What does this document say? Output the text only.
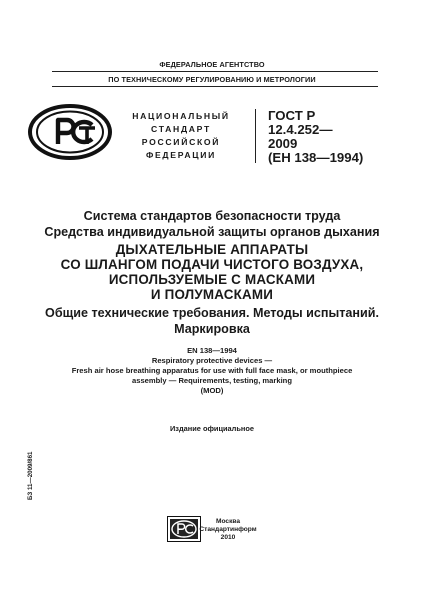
ФЕДЕРАЛЬНОЕ АГЕНТСТВО
ПО ТЕХНИЧЕСКОМУ РЕГУЛИРОВАНИЮ И МЕТРОЛОГИИ
НАЦИОНАЛЬНЫЙ
СТАНДАРТ
РОССИЙСКОЙ
ФЕДЕРАЦИИ
ГОСТ Р
12.4.252—
2009
(ЕН 138—1994)
Система стандартов безопасности труда
Средства индивидуальной защиты органов дыхания
ДЫХАТЕЛЬНЫЕ АППАРАТЫ
СО ШЛАНГОМ ПОДАЧИ ЧИСТОГО ВОЗДУХА,
ИСПОЛЬЗУЕМЫЕ С МАСКАМИ
И ПОЛУМАСКАМИ
Общие технические требования. Методы испытаний.
Маркировка
EN 138—1994
Respiratory protective devices —
Fresh air hose breathing apparatus for use with full face mask, or mouthpiece
assembly — Requirements, testing, marking
(MOD)
Издание официальное
БЗ 11—2009/861
Москва
Стандартинформ
2010
